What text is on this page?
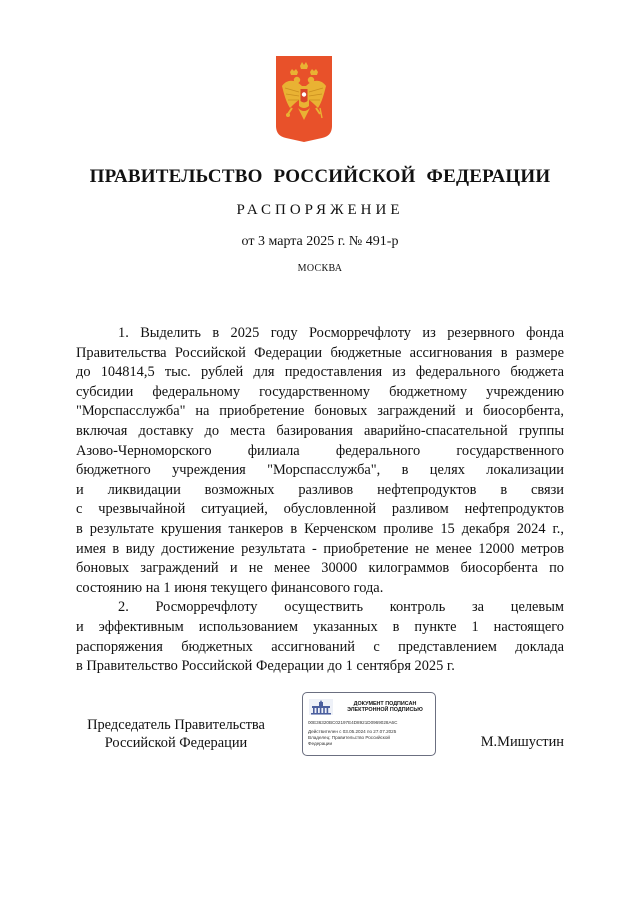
ПРАВИТЕЛЬСТВО РОССИЙСКОЙ ФЕДЕРАЦИИ
РАСПОРЯЖЕНИЕ
от 3 марта 2025 г. № 491-р
МОСКВА
1. Выделить в 2025 году Росморречфлоту из резервного фонда
Правительства Российской Федерации бюджетные ассигнования в размере
до 104814,5 тыс. рублей для предоставления из федерального бюджета
субсидии федеральному государственному бюджетному учреждению
"Морспасслужба" на приобретение боновых заграждений и биосорбента,
включая доставку до места базирования аварийно-спасательной группы
Азово-Черноморского филиала федерального государственного
бюджетного учреждения "Морспасслужба", в целях локализации
и ликвидации возможных разливов нефтепродуктов в связи
с чрезвычайной ситуацией, обусловленной разливом нефтепродуктов
в результате крушения танкеров в Керченском проливе 15 декабря 2024 г.,
имея в виду достижение результата - приобретение не менее 12000 метров
боновых заграждений и не менее 30000 килограммов биосорбента по
состоянию на 1 июня текущего финансового года.
2. Росморречфлоту осуществить контроль за целевым
и эффективным использованием указанных в пункте 1 настоящего
распоряжения бюджетных ассигнований с представлением доклада
в Правительство Российской Федерации до 1 сентября 2025 г.
Председатель Правительства
Российской Федерации
ДОКУМЕНТ ПОДПИСАН
ЭЛЕКТРОННОЙ ПОДПИСЬЮ
00E36320BC02197E4D8921D0969028A6C
Действителен с 03.05.2024 по 27.07.2025
Владелец: Правительство Российской
Федерации	М.Мишустин
